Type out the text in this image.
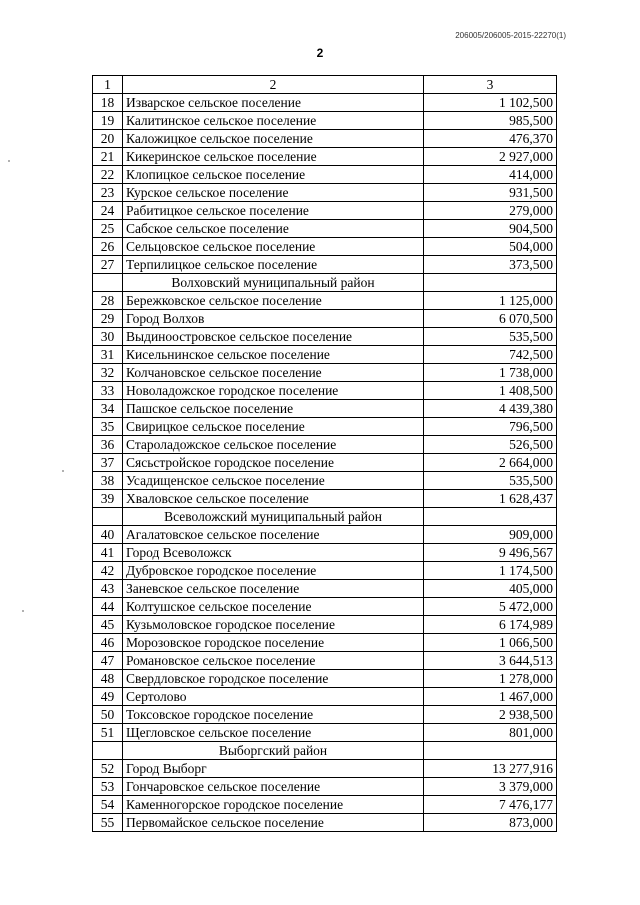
206005/206005-2015-22270(1)
2
1	2	3
18	Изварское сельское поселение	1 102,500
19	Калитинское сельское поселение	985,500
20	Каложицкое сельское поселение	476,370
21	Кикеринское сельское поселение	2 927,000
22	Клопицкое сельское поселение	414,000
23	Курское сельское поселение	931,500
24	Рабитицкое сельское поселение	279,000
25	Сабское сельское поселение	904,500
26	Сельцовское сельское поселение	504,000
27	Терпилицкое сельское поселение	373,500
	Волховский муниципальный район	
28	Бережковское сельское поселение	1 125,000
29	Город Волхов	6 070,500
30	Выдиноостровское сельское поселение	535,500
31	Кисельнинское сельское поселение	742,500
32	Колчановское сельское поселение	1 738,000
33	Новоладожское городское поселение	1 408,500
34	Пашское сельское поселение	4 439,380
35	Свирицкое сельское поселение	796,500
36	Староладожское сельское поселение	526,500
37	Сясьстройское городское поселение	2 664,000
38	Усадищенское сельское поселение	535,500
39	Хваловское сельское поселение	1 628,437
	Всеволожский муниципальный район	
40	Агалатовское сельское поселение	909,000
41	Город Всеволожск	9 496,567
42	Дубровское городское поселение	1 174,500
43	Заневское сельское поселение	405,000
44	Колтушское сельское поселение	5 472,000
45	Кузьмоловское городское поселение	6 174,989
46	Морозовское городское поселение	1 066,500
47	Романовское сельское поселение	3 644,513
48	Свердловское городское поселение	1 278,000
49	Сертолово	1 467,000
50	Токсовское городское поселение	2 938,500
51	Щегловское сельское поселение	801,000
	Выборгский район	
52	Город Выборг	13 277,916
53	Гончаровское сельское поселение	3 379,000
54	Каменногорское городское поселение	7 476,177
55	Первомайское сельское поселение	873,000
